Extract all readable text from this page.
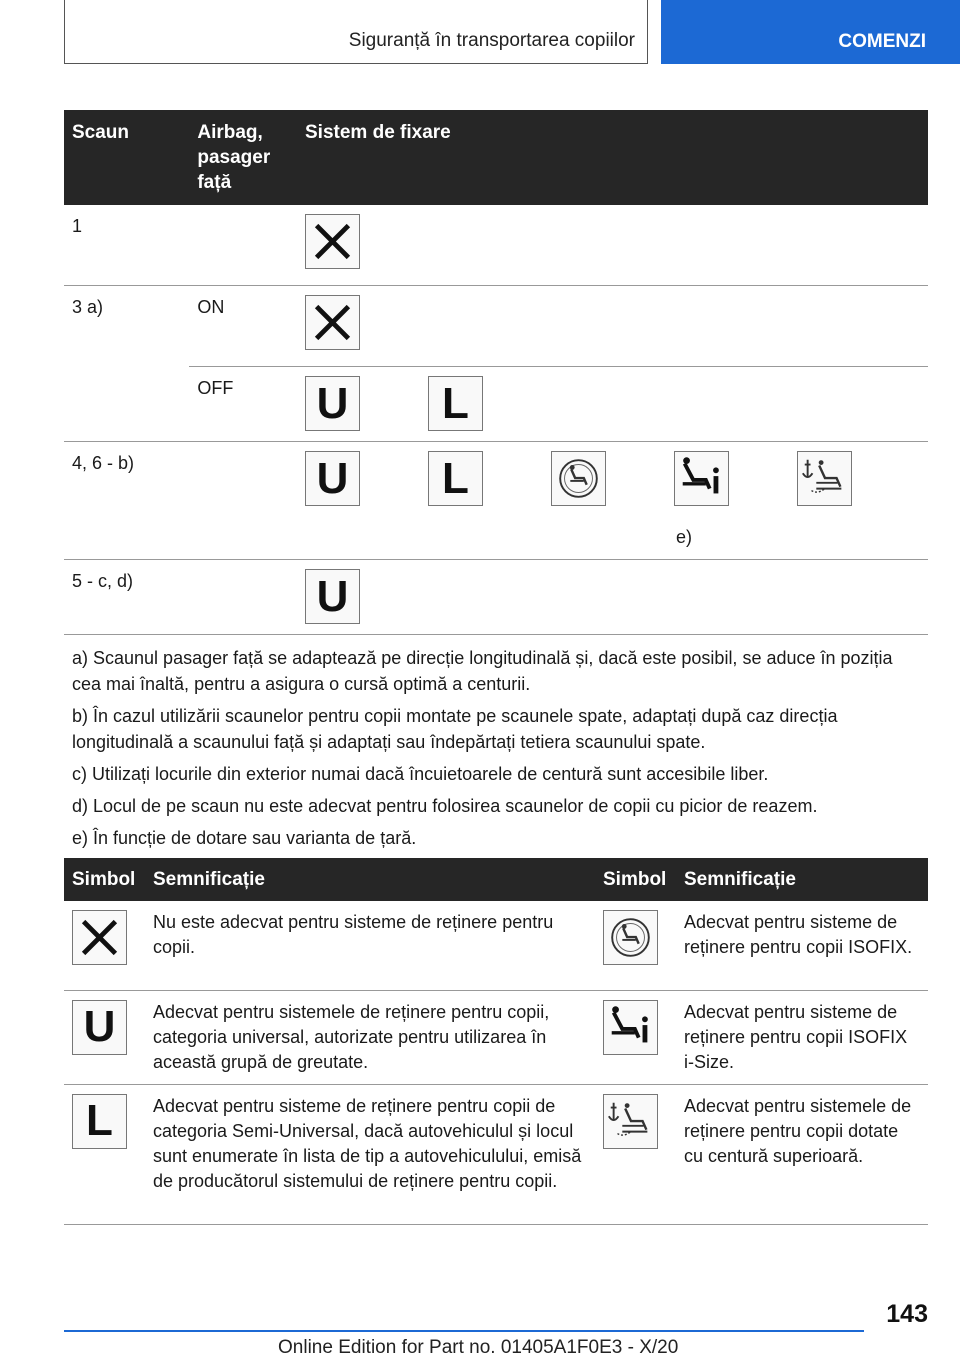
Siguranță în transportarea copiilor	COMENZI
Scaun	Airbag,
pasager
față	Sistem de fixare
1		

3 a)	ON	

	OFF	U L

4, 6 - b)		U L
e)

5 - c, d)		U

a) Scaunul pasager față se adaptează pe direcție longitudinală și, dacă este posibil, se aduce în poziția cea mai înaltă, pentru a asigura o cursă optimă a centurii.

b) În cazul utilizării scaunelor pentru copii montate pe scaunele spate, adaptați după caz direcția longitudinală a scaunului față și adaptați sau îndepărtați tetiera scaunului spate.

c) Utilizați locurile din exterior numai dacă încuietoarele de centură sunt accesibile liber.

d) Locul de pe scaun nu este adecvat pentru folosirea scaunelor de copii cu picior de reazem.

e) În funcție de dotare sau varianta de țară.		

Simbol	Semnificație	Simbol	Semnificație

	Nu este adecvat pentru sisteme de reținere pentru copii.		Adecvat pentru sisteme de reținere pentru copii ISOFIX.

U	Adecvat pentru sistemele de reținere pentru copii, categoria universal, autorizate pentru utilizarea în această grupă de greutate.		Adecvat pentru sisteme de reținere pentru copii ISOFIX i-Size.

L	Adecvat pentru sisteme de reținere pentru copii de categoria Semi-Universal, dacă autovehiculul și locul sunt enumerate în lista de tip a autovehiculului, emisă de producătorul sistemului de reținere pentru copii.		Adecvat pentru sistemele de reținere pentru copii dotate cu centură superioară.
143
Online Edition for Part no. 01405A1F0E3 - X/20
